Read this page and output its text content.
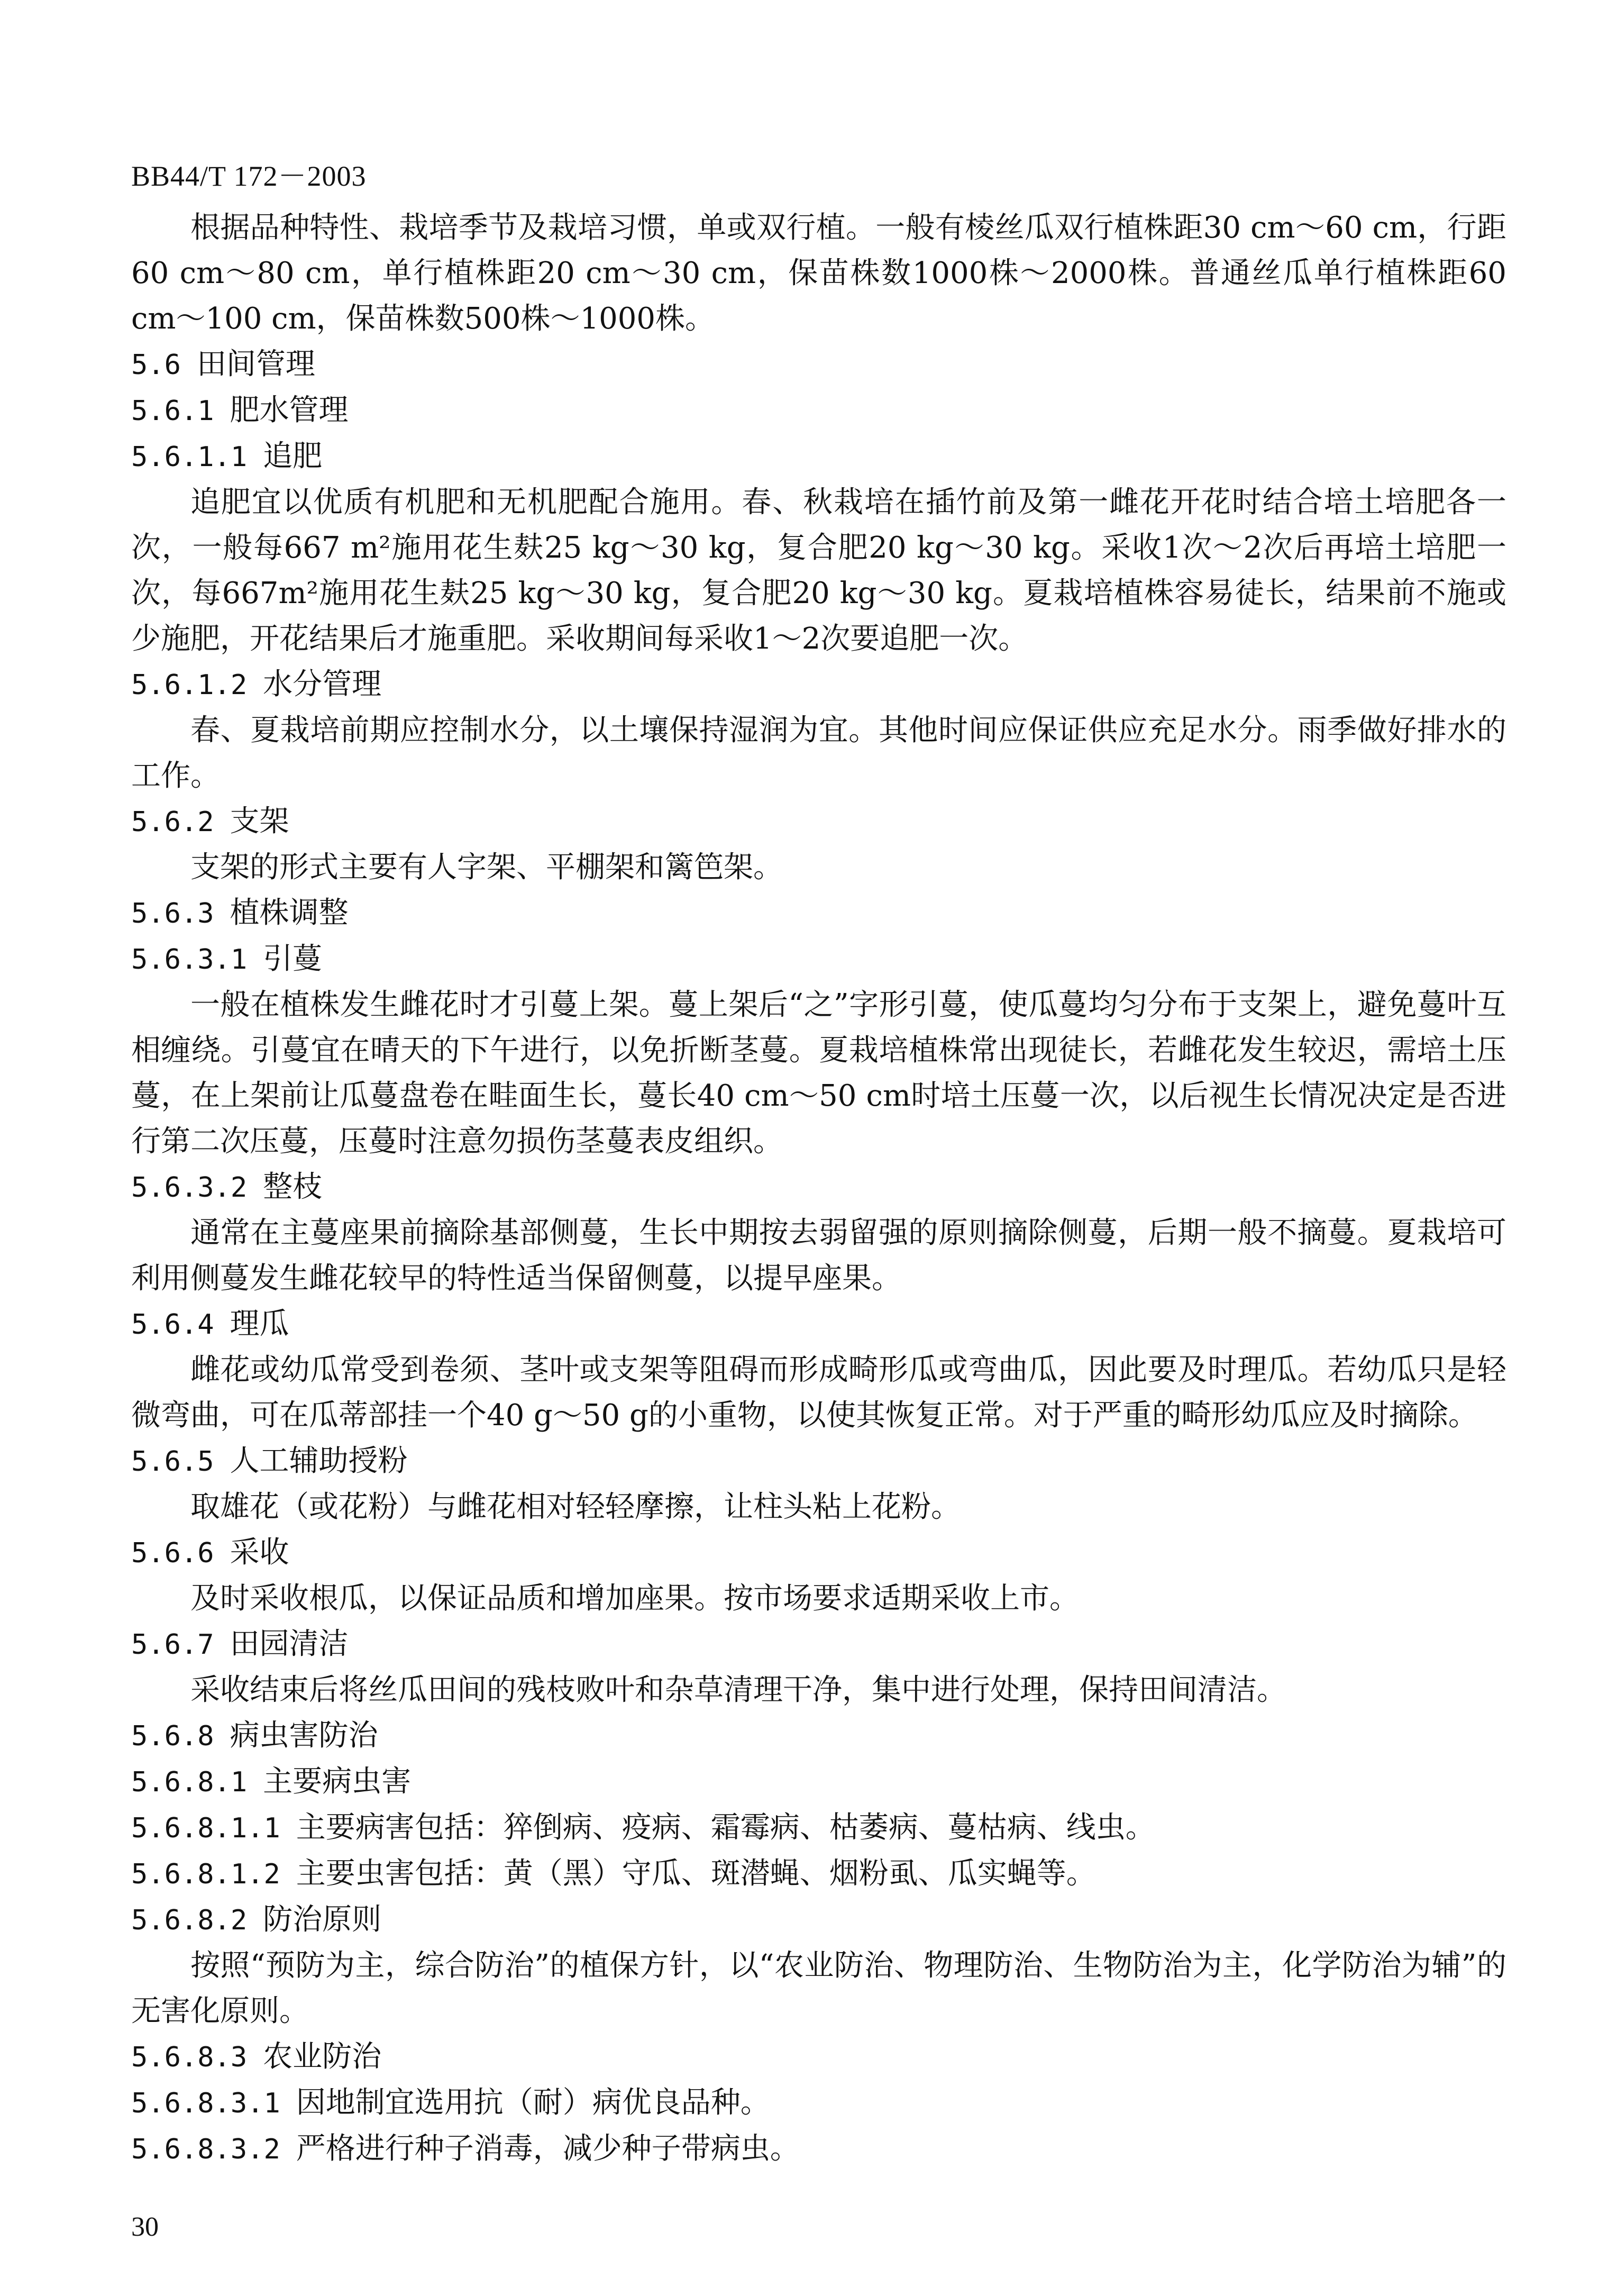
BB44/T 172－2003

根据品种特性、栽培季节及栽培习惯，单或双行植。一般有棱丝瓜双行植株距30 cm～60 cm，行距60 cm～80 cm，单行植株距20 cm～30 cm，保苗株数1000株～2000株。普通丝瓜单行植株距60 cm～100 cm，保苗株数500株～1000株。

5.6 田间管理
5.6.1 肥水管理
5.6.1.1 追肥

追肥宜以优质有机肥和无机肥配合施用。春、秋栽培在插竹前及第一雌花开花时结合培土培肥各一次，一般每667 m²施用花生麸25 kg～30 kg，复合肥20 kg～30 kg。采收1次～2次后再培土培肥一次，每667m²施用花生麸25 kg～30 kg，复合肥20 kg～30 kg。夏栽培植株容易徒长，结果前不施或少施肥，开花结果后才施重肥。采收期间每采收1～2次要追肥一次。

5.6.1.2 水分管理

春、夏栽培前期应控制水分，以土壤保持湿润为宜。其他时间应保证供应充足水分。雨季做好排水的工作。

5.6.2 支架

支架的形式主要有人字架、平棚架和篱笆架。

5.6.3 植株调整
5.6.3.1 引蔓

一般在植株发生雌花时才引蔓上架。蔓上架后“之”字形引蔓，使瓜蔓均匀分布于支架上，避免蔓叶互相缠绕。引蔓宜在晴天的下午进行，以免折断茎蔓。夏栽培植株常出现徒长，若雌花发生较迟，需培土压蔓，在上架前让瓜蔓盘卷在畦面生长，蔓长40 cm～50 cm时培土压蔓一次，以后视生长情况决定是否进行第二次压蔓，压蔓时注意勿损伤茎蔓表皮组织。

5.6.3.2 整枝

通常在主蔓座果前摘除基部侧蔓，生长中期按去弱留强的原则摘除侧蔓，后期一般不摘蔓。夏栽培可利用侧蔓发生雌花较早的特性适当保留侧蔓，以提早座果。

5.6.4 理瓜

雌花或幼瓜常受到卷须、茎叶或支架等阻碍而形成畸形瓜或弯曲瓜，因此要及时理瓜。若幼瓜只是轻微弯曲，可在瓜蒂部挂一个40 g～50 g的小重物，以使其恢复正常。对于严重的畸形幼瓜应及时摘除。

5.6.5 人工辅助授粉

取雄花（或花粉）与雌花相对轻轻摩擦，让柱头粘上花粉。

5.6.6 采收

及时采收根瓜，以保证品质和增加座果。按市场要求适期采收上市。

5.6.7 田园清洁

采收结束后将丝瓜田间的残枝败叶和杂草清理干净，集中进行处理，保持田间清洁。

5.6.8 病虫害防治
5.6.8.1 主要病虫害
5.6.8.1.1 主要病害包括：猝倒病、疫病、霜霉病、枯萎病、蔓枯病、线虫。
5.6.8.1.2 主要虫害包括：黄（黑）守瓜、斑潜蝇、烟粉虱、瓜实蝇等。
5.6.8.2 防治原则

按照“预防为主，综合防治”的植保方针，以“农业防治、物理防治、生物防治为主，化学防治为辅”的无害化原则。

5.6.8.3 农业防治
5.6.8.3.1 因地制宜选用抗（耐）病优良品种。
5.6.8.3.2 严格进行种子消毒，减少种子带病虫。
30
